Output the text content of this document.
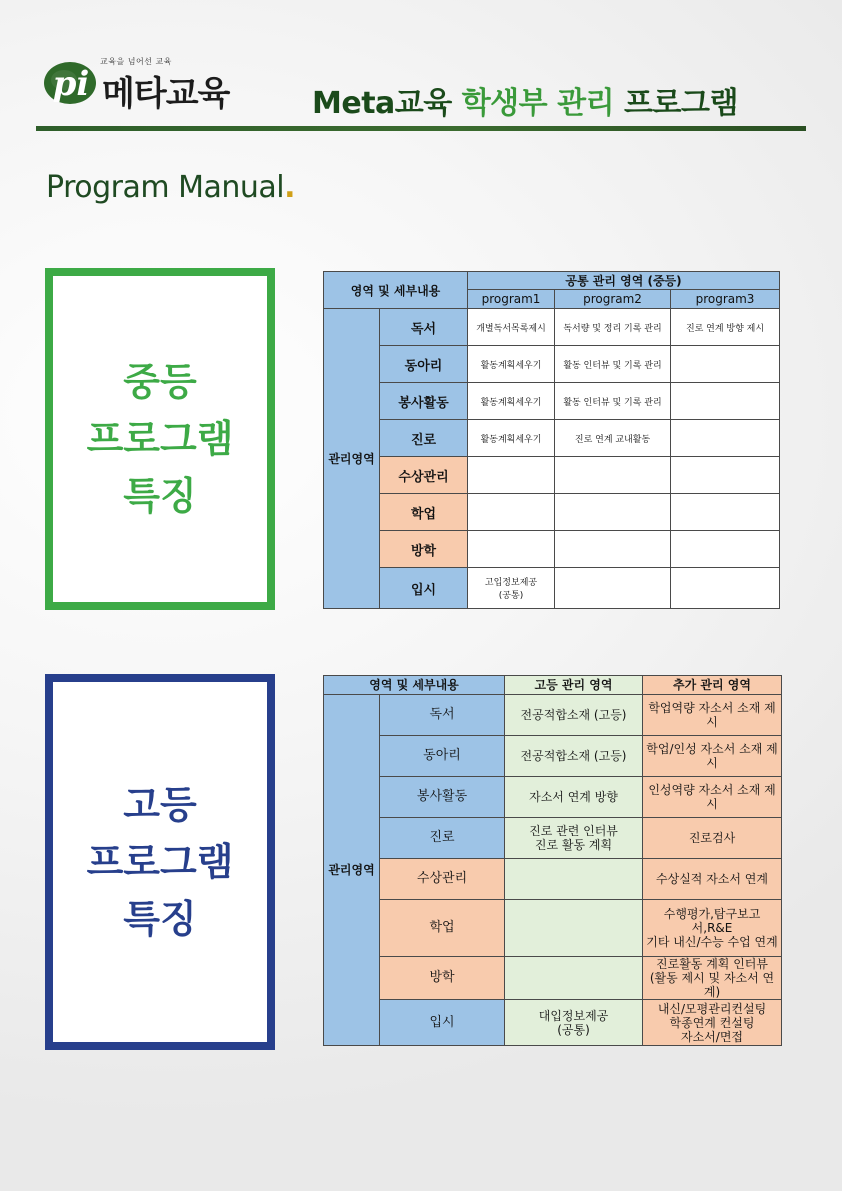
pi
교육을 넘어선 교육
메타교육	Meta교육 학생부 관리 프로그램
Program Manual.
중등
프로그램
특징
영역 및 세부내용		공통 관리 영역 (중등)		
		program1	program2	program3
관리영역	독서	개별독서목록제시	독서량 및 정리 기록 관리	진로 연계 방향 제시
	동아리	활동계획세우기	활동 인터뷰 및 기록 관리	
	봉사활동	활동계획세우기	활동 인터뷰 및 기록 관리	
	진로	활동계획세우기	진로 연계 교내활동	
	수상관리			
	학업			
	방학			
	입시	고입정보제공
(공통)		
고등
프로그램
특징
영역 및 세부내용		고등 관리 영역	추가 관리 영역
관리영역	독서	전공적합소재 (고등)	학업역량 자소서 소재 제시
	동아리	전공적합소재 (고등)	학업/인성 자소서 소재 제
시
	봉사활동	자소서 연계 방향	인성역량 자소서 소재 제시
	진로	진로 관련 인터뷰
진로 활동 계획	진로검사
	수상관리		수상실적 자소서 연계
	학업		수행평가,탐구보고서,R&E
기타 내신/수능 수업 연계
	방학		진로활동 계획 인터뷰
(활동 제시 및 자소서 연계)
	입시	대입정보제공
(공통)	내신/모평관리컨설팅
학종연계 컨설팅
자소서/면접
